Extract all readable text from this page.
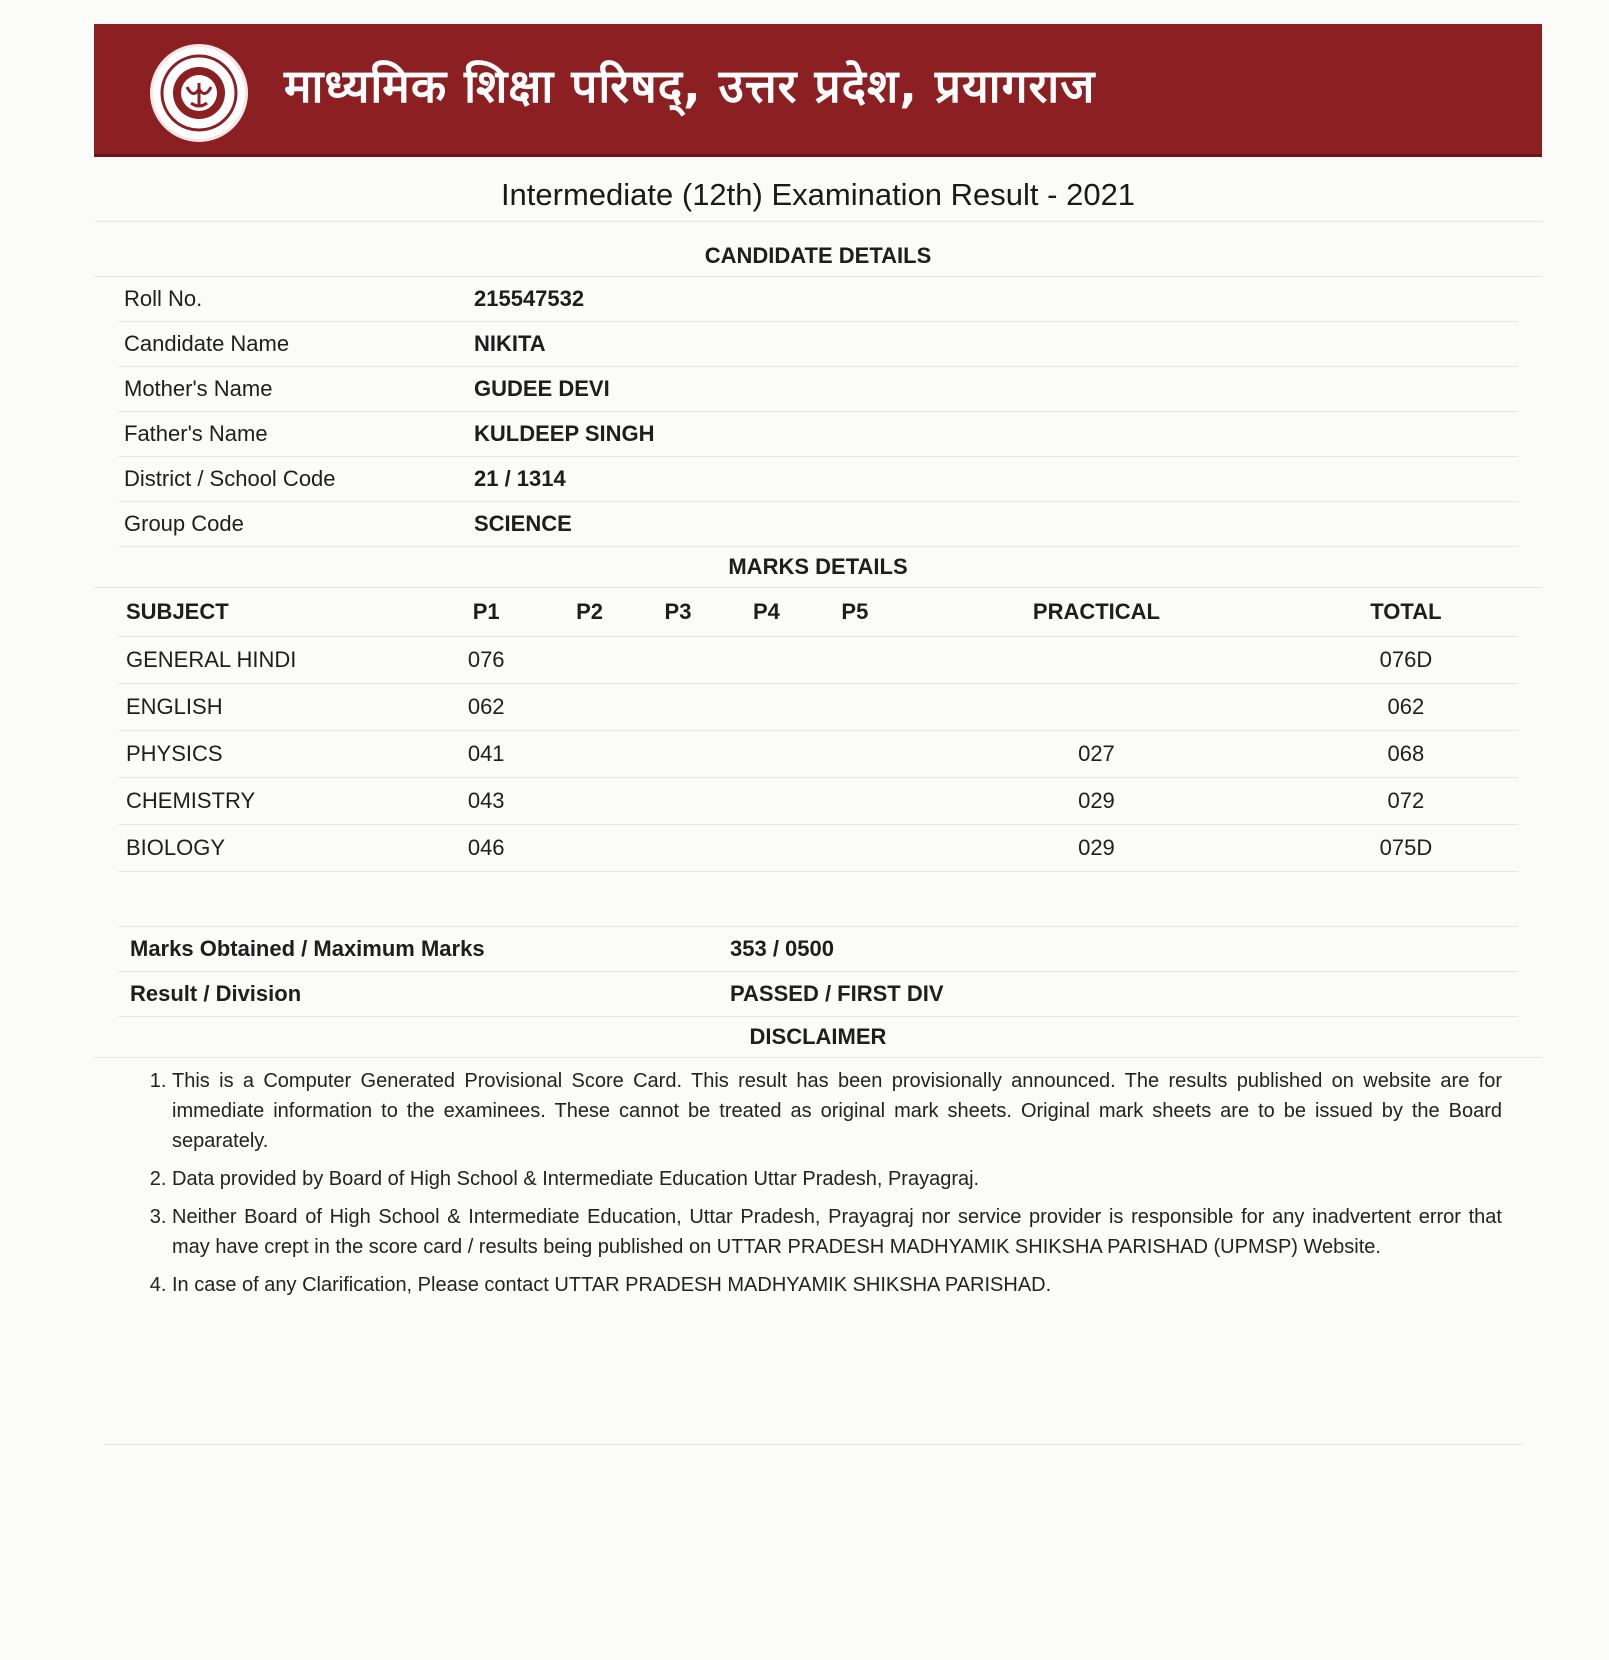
माध्यमिक शिक्षा परिषद्, उत्तर प्रदेश, प्रयागराज
Intermediate (12th) Examination Result - 2021
CANDIDATE DETAILS
Roll No.	215547532
Candidate Name	NIKITA
Mother's Name	GUDEE DEVI
Father's Name	KULDEEP SINGH
District / School Code	21 / 1314
Group Code	SCIENCE
MARKS DETAILS
SUBJECT	P1	P2	P3	P4	P5	PRACTICAL	TOTAL
GENERAL HINDI	076						076D
ENGLISH	062						062
PHYSICS	041					027	068
CHEMISTRY	043					029	072
BIOLOGY	046					029	075D
Marks Obtained / Maximum Marks	353 / 0500
Result / Division	PASSED / FIRST DIV
DISCLAIMER
1. This is a Computer Generated Provisional Score Card. This result has been provisionally announced. The results published on website are for immediate information to the examinees. These cannot be treated as original mark sheets. Original mark sheets are to be issued by the Board separately.
2. Data provided by Board of High School & Intermediate Education Uttar Pradesh, Prayagraj.
3. Neither Board of High School & Intermediate Education, Uttar Pradesh, Prayagraj nor service provider is responsible for any inadvertent error that may have crept in the score card / results being published on UTTAR PRADESH MADHYAMIK SHIKSHA PARISHAD (UPMSP) Website.
4. In case of any Clarification, Please contact UTTAR PRADESH MADHYAMIK SHIKSHA PARISHAD.
